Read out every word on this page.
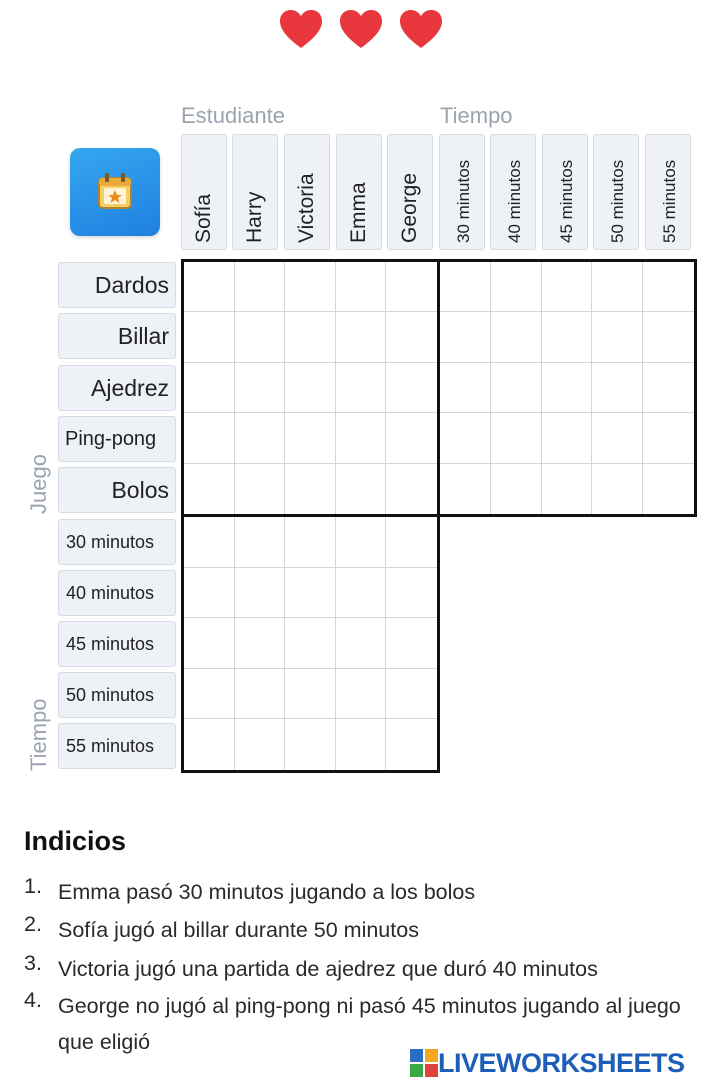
Estudiante	Tiempo
Juego
Tiempo
Sofía Harry Victoria Emma George 30 minutos 40 minutos 45 minutos 50 minutos 55 minutos
Dardos
Billar
Ajedrez
Ping-pong
Bolos
30 minutos
40 minutos
45 minutos
50 minutos
55 minutos
Indicios
1. Emma pasó 30 minutos jugando a los bolos
2. Sofía jugó al billar durante 50 minutos
3. Victoria jugó una partida de ajedrez que duró 40 minutos
4. George no jugó al ping-pong ni pasó 45 minutos jugando al juego que eligió
LIVEWORKSHEETS
